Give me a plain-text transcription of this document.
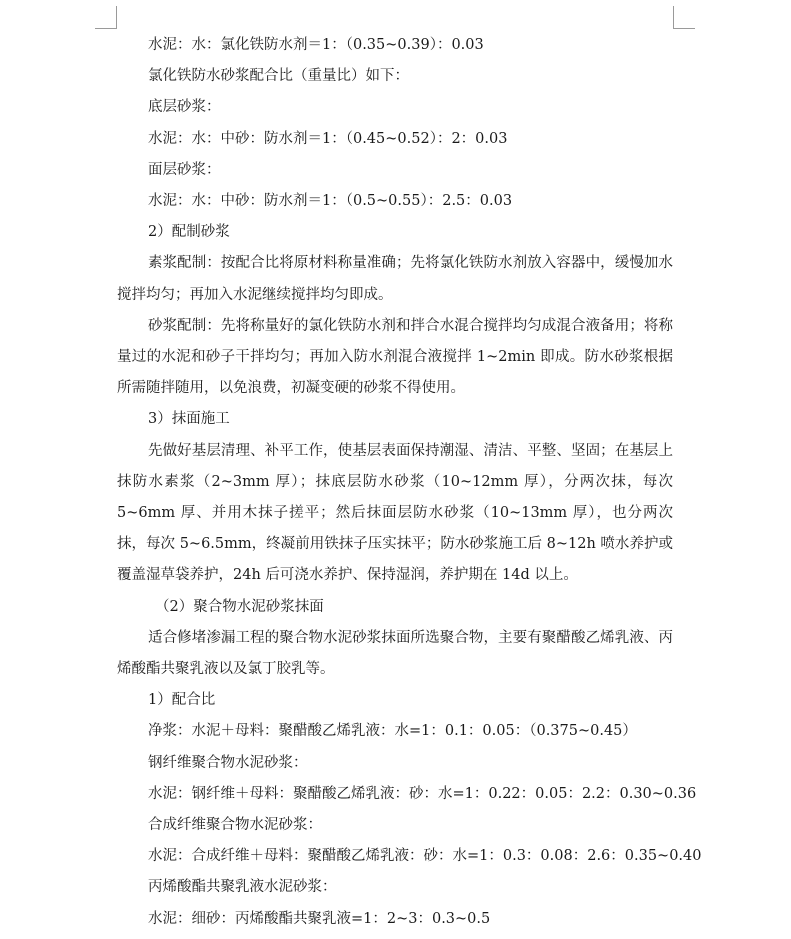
水泥：水：氯化铁防水剂＝1：（0.35~0.39）：0.03

氯化铁防水砂浆配合比（重量比）如下：

底层砂浆：

水泥：水：中砂：防水剂＝1：（0.45~0.52）：2：0.03

面层砂浆：

水泥：水：中砂：防水剂＝1：（0.5~0.55）：2.5：0.03

2）配制砂浆

素浆配制：按配合比将原材料称量准确；先将氯化铁防水剂放入容器中，缓慢加水搅拌均匀；再加入水泥继续搅拌均匀即成。

砂浆配制：先将称量好的氯化铁防水剂和拌合水混合搅拌均匀成混合液备用；将称量过的水泥和砂子干拌均匀；再加入防水剂混合液搅拌 1~2min 即成。防水砂浆根据所需随拌随用，以免浪费，初凝变硬的砂浆不得使用。

3）抹面施工

先做好基层清理、补平工作，使基层表面保持潮湿、清洁、平整、坚固；在基层上抹防水素浆（2~3mm 厚）；抹底层防水砂浆（10~12mm 厚），分两次抹，每次 5~6mm 厚、并用木抹子搓平；然后抹面层防水砂浆（10~13mm 厚），也分两次抹，每次 5~6.5mm，终凝前用铁抹子压实抹平；防水砂浆施工后 8~12h 喷水养护或覆盖湿草袋养护，24h 后可浇水养护、保持湿润，养护期在 14d 以上。

（2）聚合物水泥砂浆抹面

适合修堵渗漏工程的聚合物水泥砂浆抹面所选聚合物，主要有聚醋酸乙烯乳液、丙烯酸酯共聚乳液以及氯丁胶乳等。

1）配合比

净浆：水泥＋母料：聚醋酸乙烯乳液：水=1：0.1：0.05：（0.375~0.45）

钢纤维聚合物水泥砂浆：

水泥：钢纤维＋母料：聚醋酸乙烯乳液：砂：水=1：0.22：0.05：2.2：0.30~0.36

合成纤维聚合物水泥砂浆：

水泥：合成纤维＋母料：聚醋酸乙烯乳液：砂：水=1：0.3：0.08：2.6：0.35~0.40

丙烯酸酯共聚乳液水泥砂浆：

水泥：细砂：丙烯酸酯共聚乳液=1：2~3：0.3~0.5
